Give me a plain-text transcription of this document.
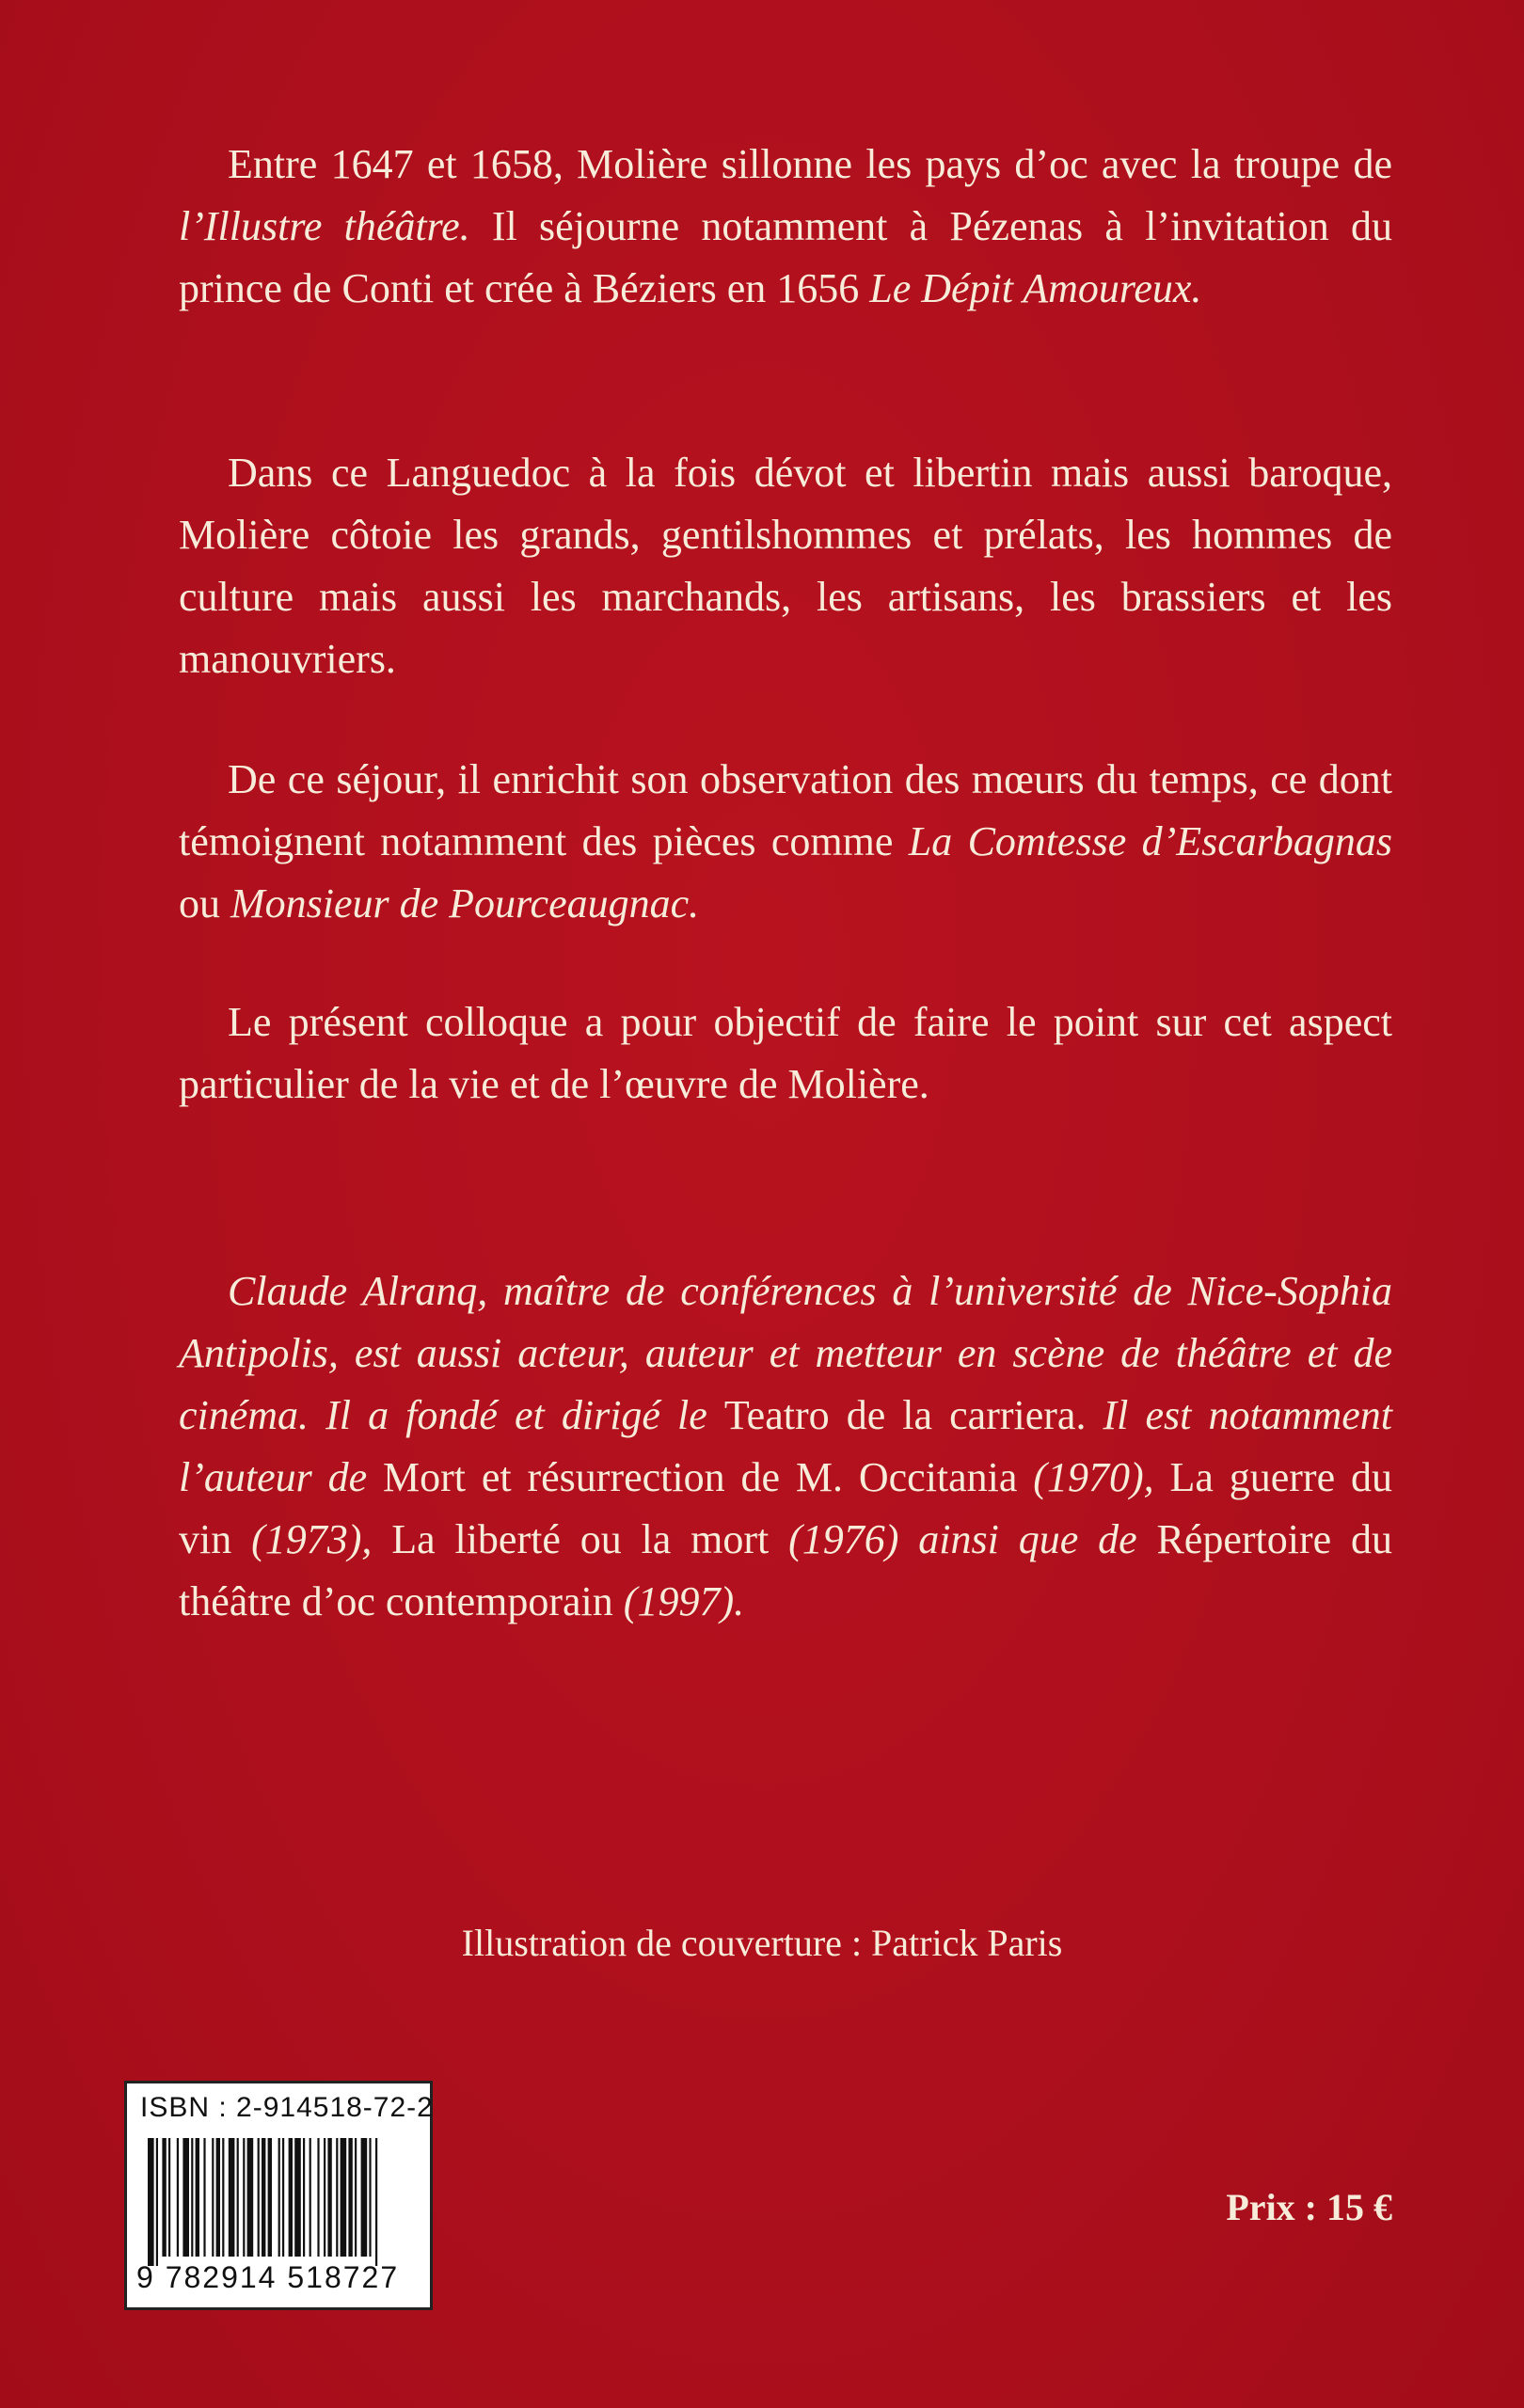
Entre 1647 et 1658, Molière sillonne les pays d’oc avec la troupe de l’Illustre théâtre. Il séjourne notamment à Pézenas à l’invitation du prince de Conti et crée à Béziers en 1656 Le Dépit Amoureux.

Dans ce Languedoc à la fois dévot et libertin mais aussi baroque, Molière côtoie les grands, gentilshommes et prélats, les hommes de culture mais aussi les marchands, les artisans, les brassiers et les manouvriers.

De ce séjour, il enrichit son observation des mœurs du temps, ce dont témoignent notamment des pièces comme La Comtesse d’Escarbagnas ou Monsieur de Pourceaugnac.

Le présent colloque a pour objectif de faire le point sur cet aspect particulier de la vie et de l’œuvre de Molière.

Claude Alranq, maître de conférences à l’université de Nice-Sophia Antipolis, est aussi acteur, auteur et metteur en scène de théâtre et de cinéma. Il a fondé et dirigé le Teatro de la carriera. Il est notamment l’auteur de Mort et résurrection de M. Occitania (1970), La guerre du vin (1973), La liberté ou la mort (1976) ainsi que de Répertoire du théâtre d’oc contemporain (1997).

Illustration de couverture : Patrick Paris
ISBN : 2-914518-72-2
9 782914 518727
Prix : 15 €
